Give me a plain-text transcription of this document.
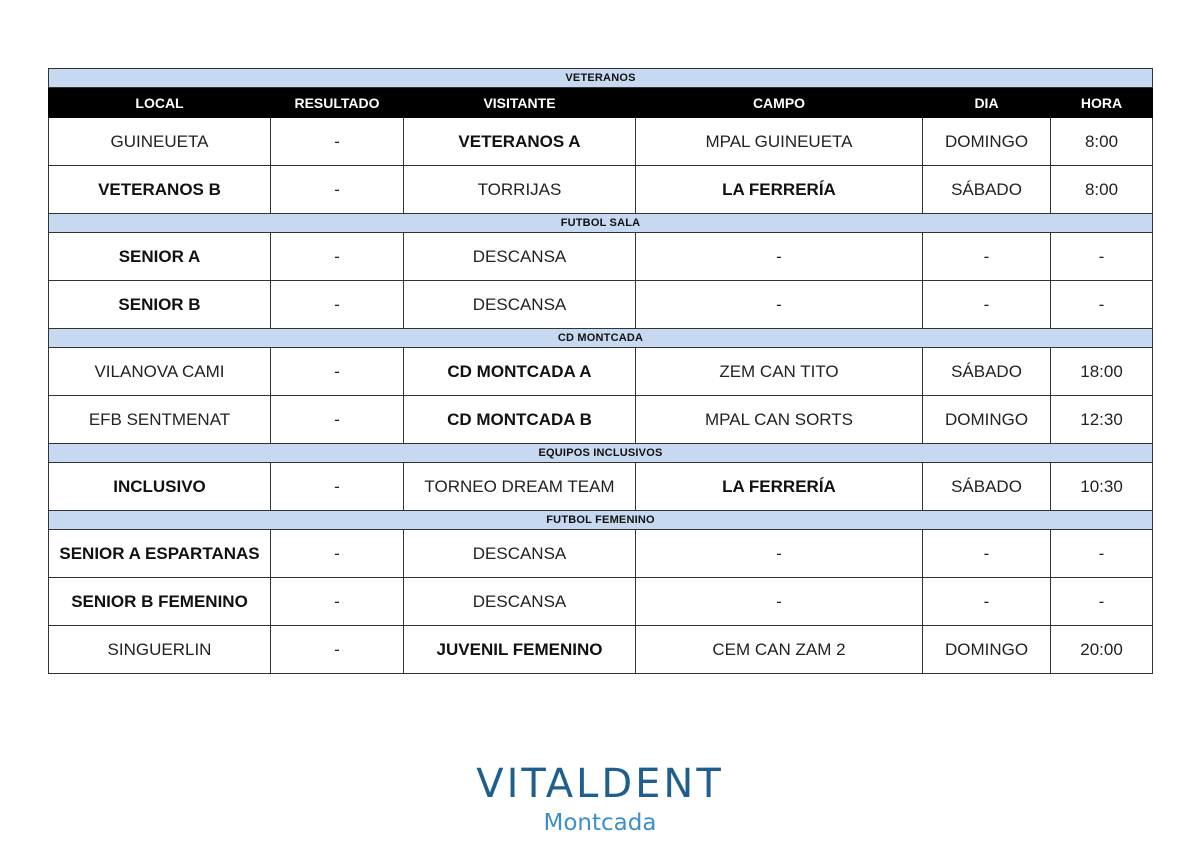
VETERANOS					
LOCAL	RESULTADO	VISITANTE	CAMPO	DIA	HORA
GUINEUETA	-	VETERANOS A	MPAL GUINEUETA	DOMINGO	8:00
VETERANOS B	-	TORRIJAS	LA FERRERÍA	SÁBADO	8:00
FUTBOL SALA					
SENIOR A	-	DESCANSA	-	-	-
SENIOR B	-	DESCANSA	-	-	-
CD MONTCADA					
VILANOVA CAMI	-	CD MONTCADA A	ZEM CAN TITO	SÁBADO	18:00
EFB SENTMENAT	-	CD MONTCADA B	MPAL CAN SORTS	DOMINGO	12:30
EQUIPOS INCLUSIVOS					
INCLUSIVO	-	TORNEO DREAM TEAM	LA FERRERÍA	SÁBADO	10:30
FUTBOL FEMENINO					
SENIOR A ESPARTANAS	-	DESCANSA	-	-	-
SENIOR B FEMENINO	-	DESCANSA	-	-	-
SINGUERLIN	-	JUVENIL FEMENINO	CEM CAN ZAM 2	DOMINGO	20:00
VITALDENT
Montcada
